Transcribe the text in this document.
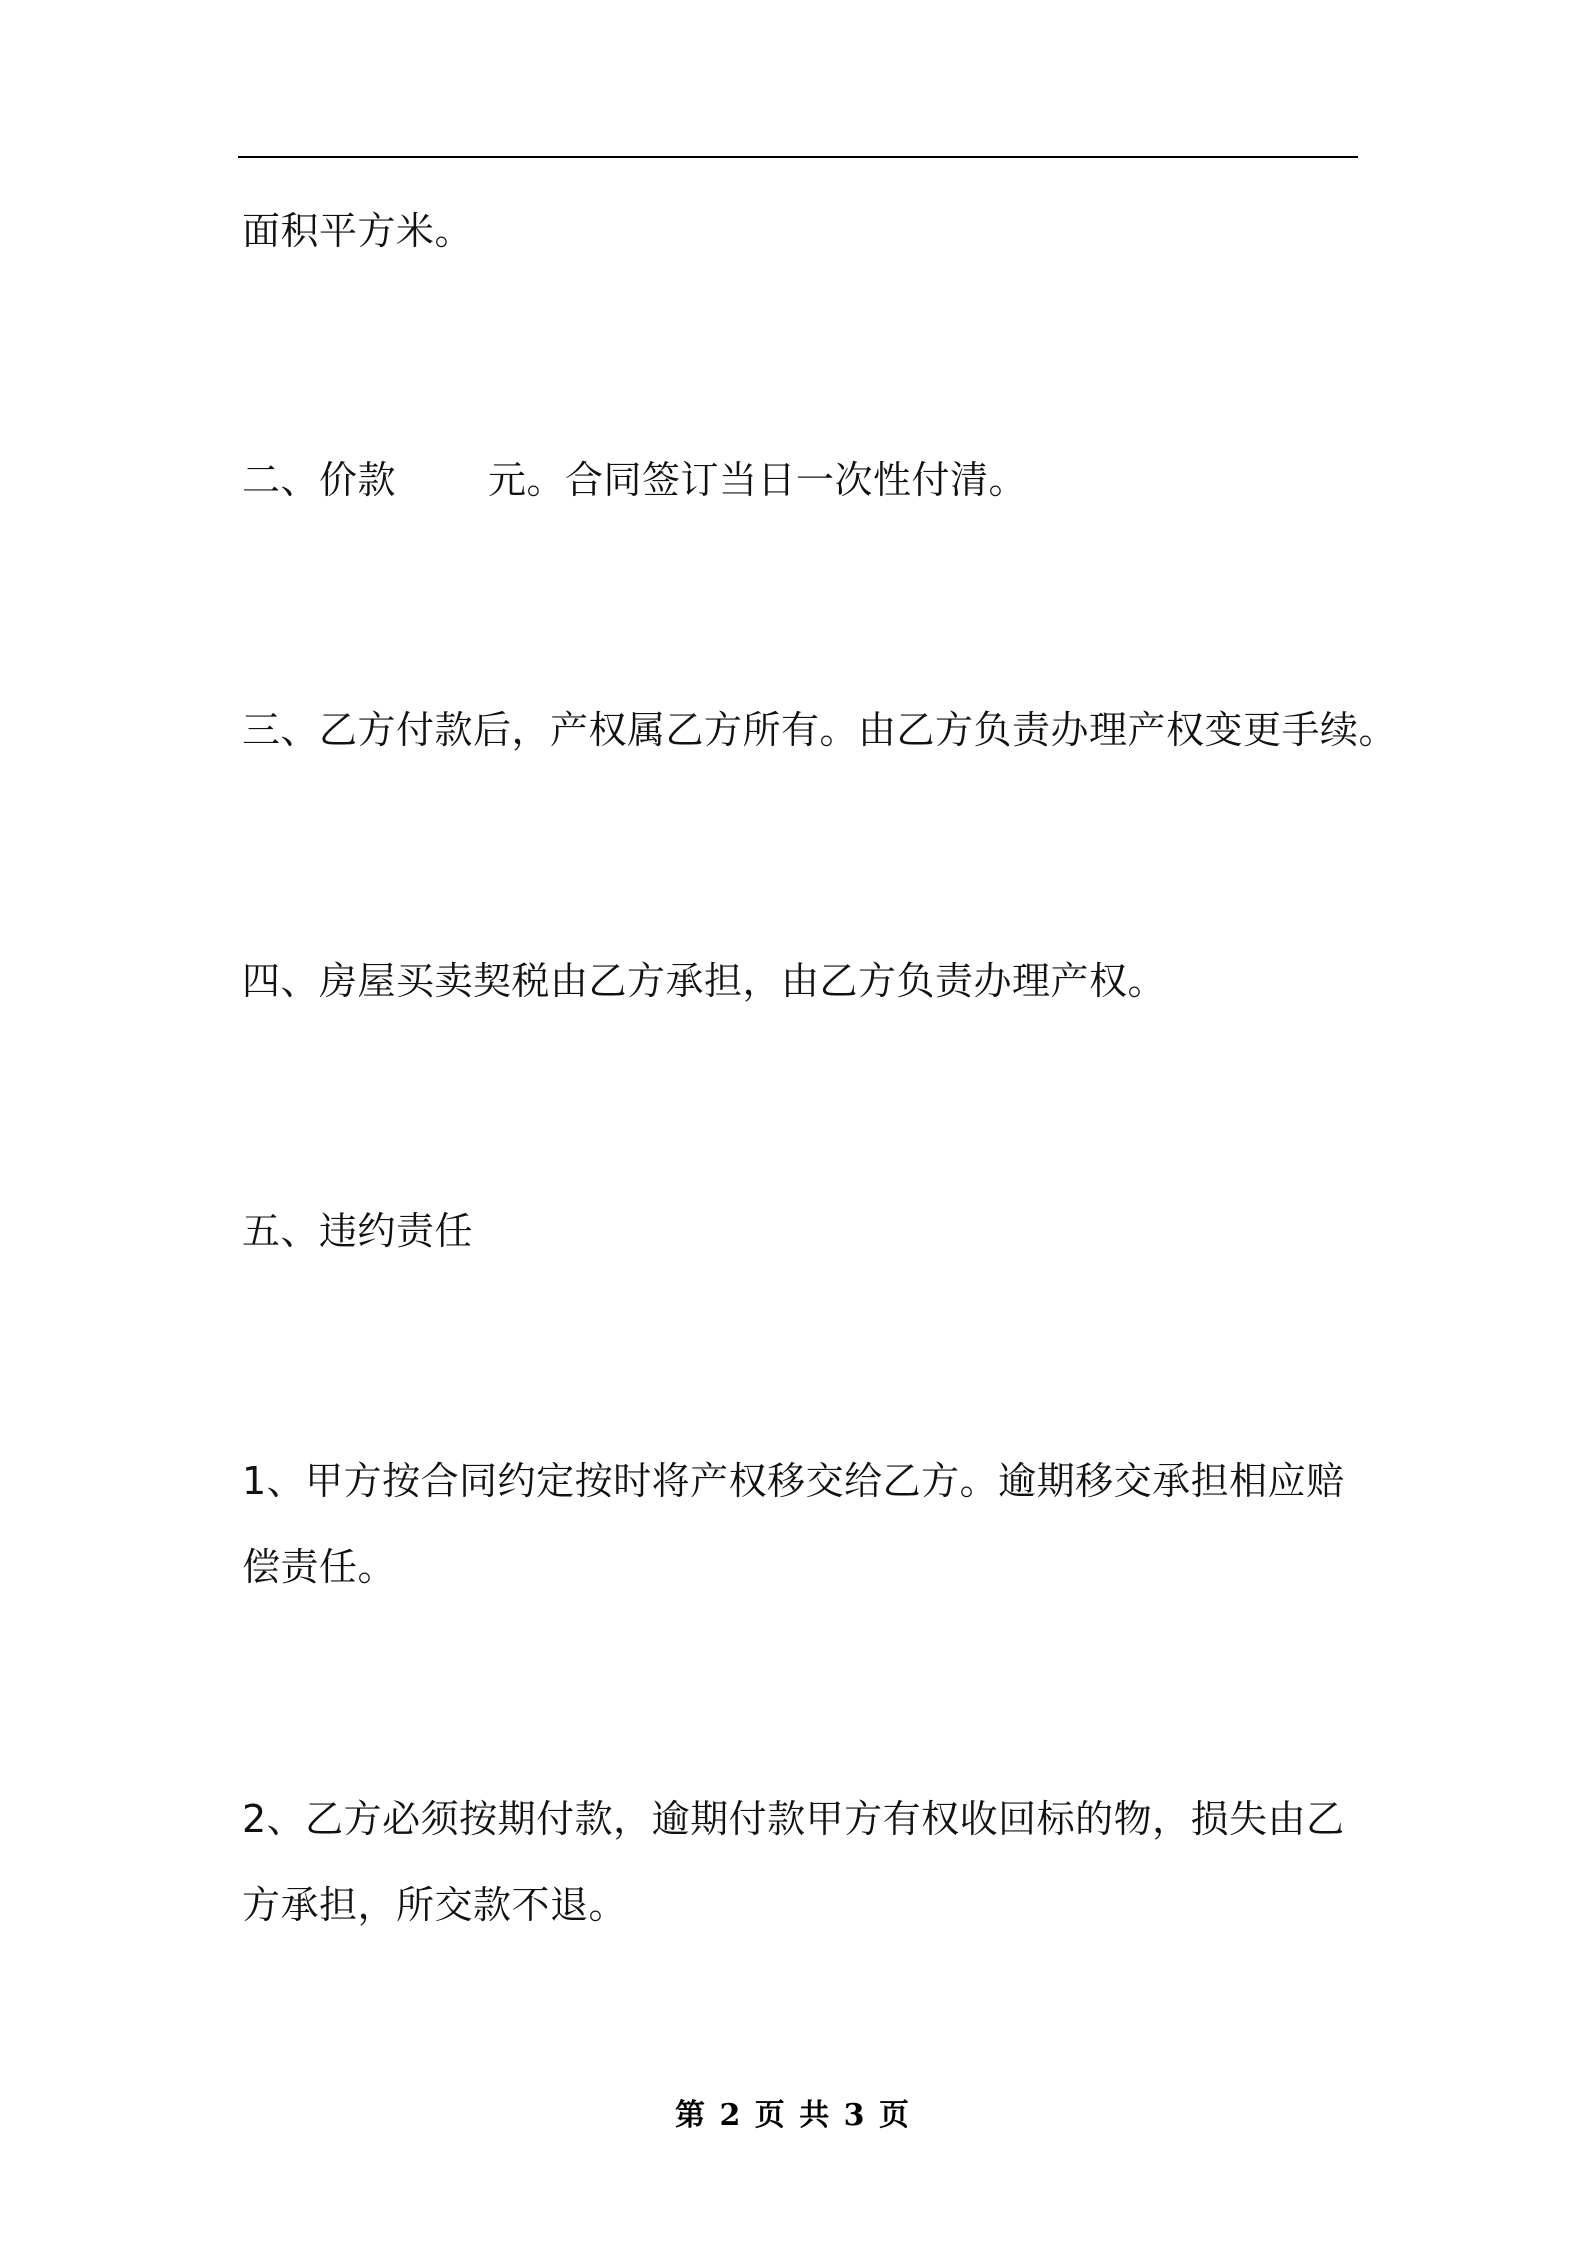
面积平方米。

二、价款 元。合同签订当日一次性付清。

三、乙方付款后，产权属乙方所有。由乙方负责办理产权变更手续。

四、房屋买卖契税由乙方承担，由乙方负责办理产权。

五、违约责任

1、甲方按合同约定按时将产权移交给乙方。逾期移交承担相应赔偿责任。

2、乙方必须按期付款，逾期付款甲方有权收回标的物，损失由乙方承担，所交款不退。

第 2 页 共 3 页
